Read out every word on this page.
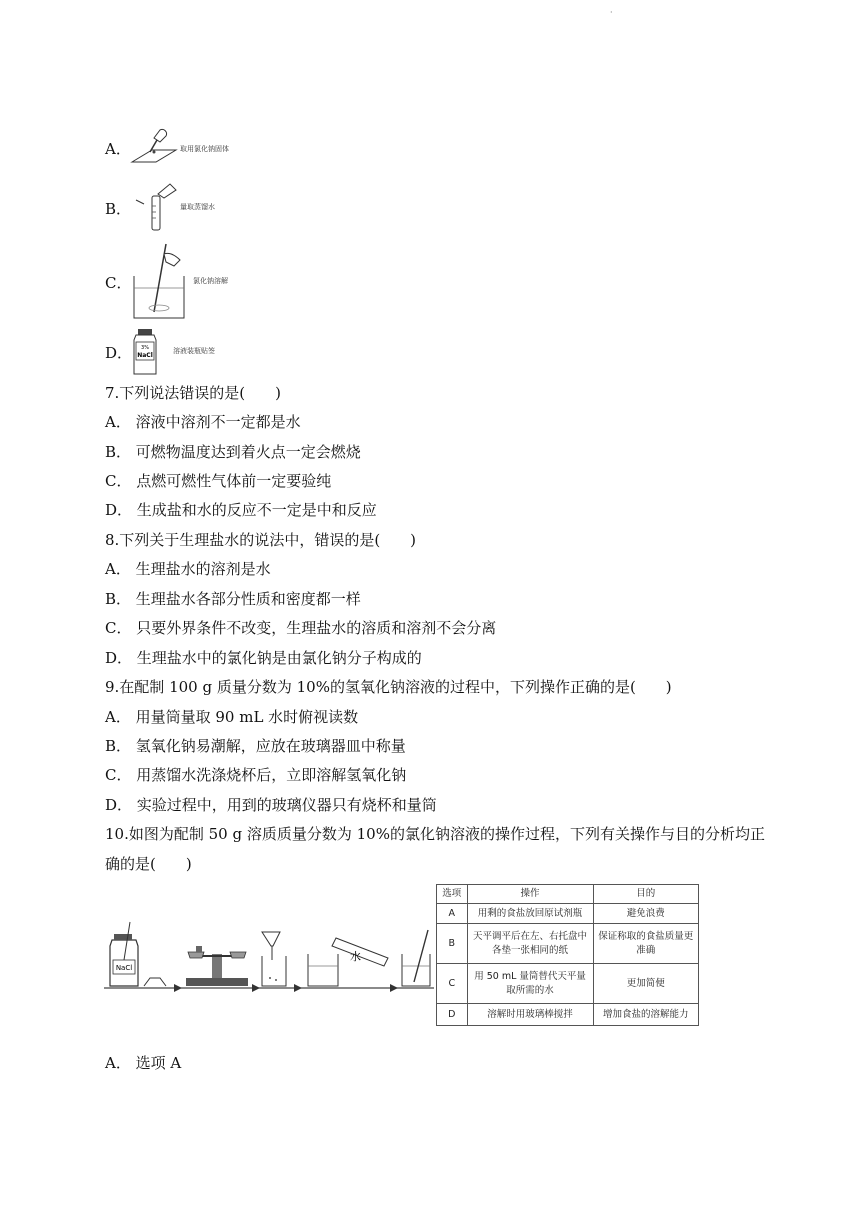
·
A．	取用氯化钠固体
B．	量取蒸馏水
C．	氯化钠溶解
D． 3%
NaCl
溶液装瓶贴签
7.下列说法错误的是(　　)
A． 溶液中溶剂不一定都是水
B． 可燃物温度达到着火点一定会燃烧
C． 点燃可燃性气体前一定要验纯
D． 生成盐和水的反应不一定是中和反应
8.下列关于生理盐水的说法中，错误的是(　　)
A． 生理盐水的溶剂是水
B． 生理盐水各部分性质和密度都一样
C． 只要外界条件不改变，生理盐水的溶质和溶剂不会分离
D． 生理盐水中的氯化钠是由氯化钠分子构成的
9.在配制 100 g 质量分数为 10%的氢氧化钠溶液的过程中，下列操作正确的是(　　)
A． 用量筒量取 90 mL 水时俯视读数
B． 氢氧化钠易潮解，应放在玻璃器皿中称量
C． 用蒸馏水洗涤烧杯后，立即溶解氢氧化钠
D． 实验过程中，用到的玻璃仪器只有烧杯和量筒
10.如图为配制 50 g 溶质质量分数为 10%的氯化钠溶液的操作过程，下列有关操作与目的分析均正
确的是(　　)
NaCl
水
选项	操作	目的
A	用剩的食盐放回原试剂瓶	避免浪费
B	天平调平后在左、右托盘中各垫一张相同的纸	保证称取的食盐质量更准确
C	用 50 mL 量筒替代天平量取所需的水	更加简便
D	溶解时用玻璃棒搅拌	增加食盐的溶解能力
A． 选项 A
